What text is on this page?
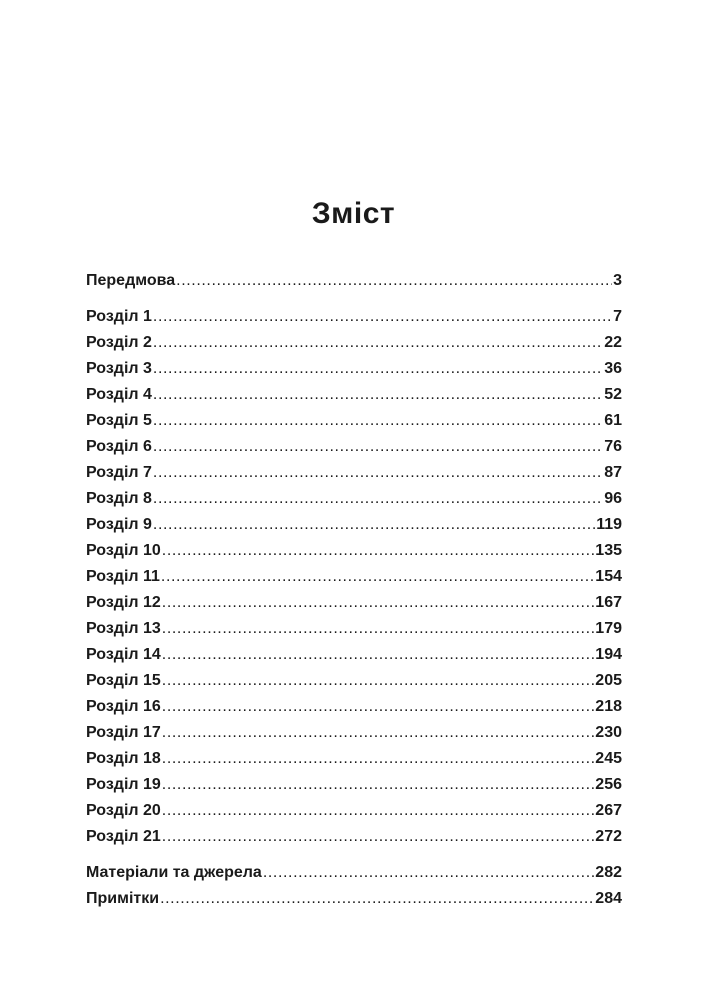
Зміст
Передмова .....	3
Розділ 1 .....	7
Розділ 2 .....	22
Розділ 3 .....	36
Розділ 4 .....	52
Розділ 5 .....	61
Розділ 6 .....	76
Розділ 7 .....	87
Розділ 8 .....	96
Розділ 9 .....	119
Розділ 10 .....	135
Розділ 11 .....	154
Розділ 12 .....	167
Розділ 13 .....	179
Розділ 14 .....	194
Розділ 15 .....	205
Розділ 16 .....	218
Розділ 17 .....	230
Розділ 18 .....	245
Розділ 19 .....	256
Розділ 20 .....	267
Розділ 21 .....	272
Матеріали та джерела .....	282
Примітки .....	284
